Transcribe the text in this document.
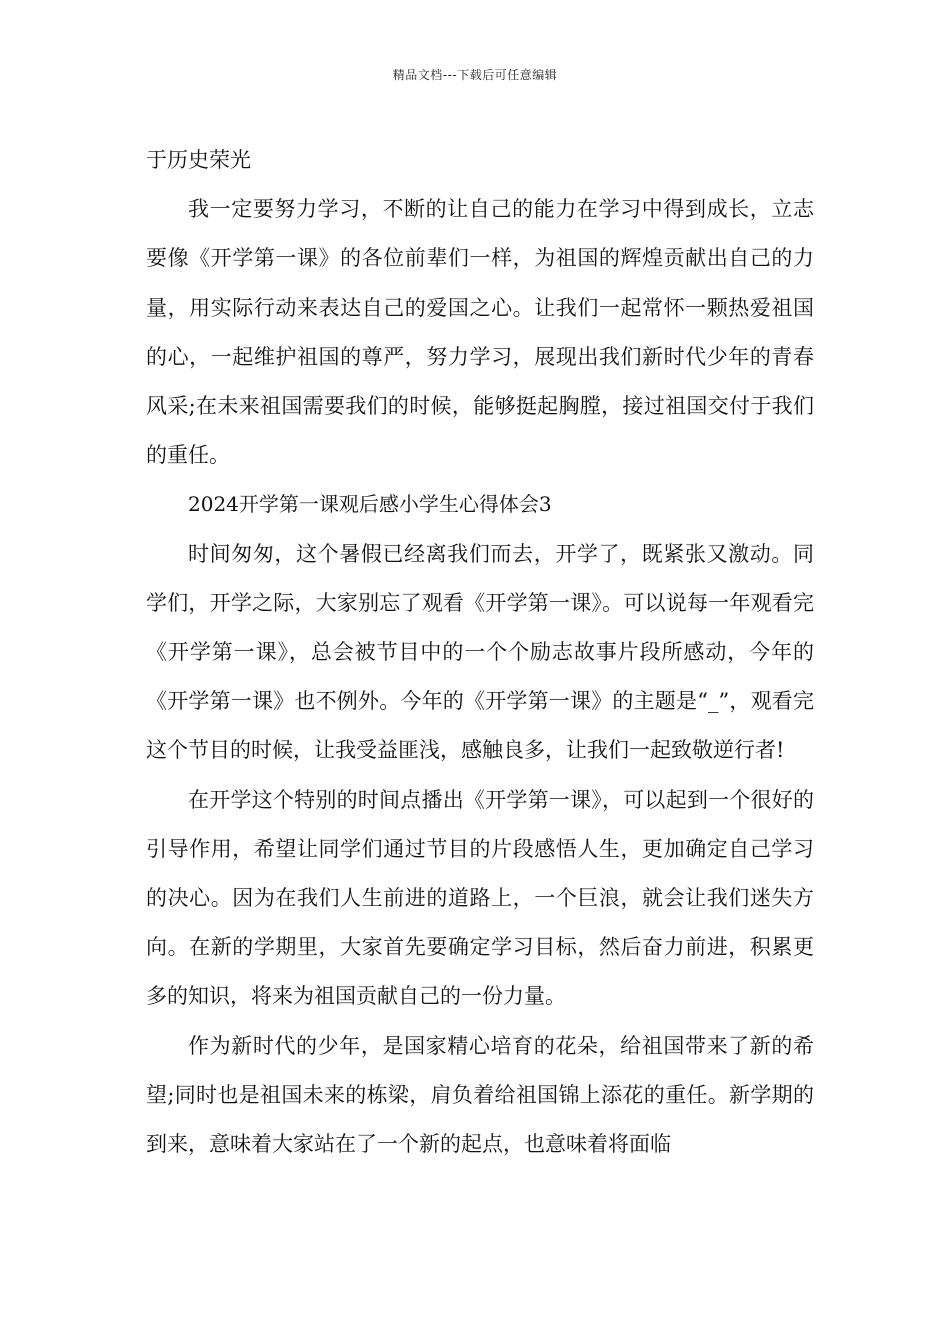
精品文档---下载后可任意编辑

于历史荣光

我一定要努力学习，不断的让自己的能力在学习中得到成长，立志要像《开学第一课》的各位前辈们一样，为祖国的辉煌贡献出自己的力量，用实际行动来表达自己的爱国之心。让我们一起常怀一颗热爱祖国的心，一起维护祖国的尊严，努力学习，展现出我们新时代少年的青春风采;在未来祖国需要我们的时候，能够挺起胸膛，接过祖国交付于我们的重任。

2024开学第一课观后感小学生心得体会3

时间匆匆，这个暑假已经离我们而去，开学了，既紧张又激动。同学们，开学之际，大家别忘了观看《开学第一课》。可以说每一年观看完《开学第一课》，总会被节目中的一个个励志故事片段所感动，今年的《开学第一课》也不例外。今年的《开学第一课》的主题是“_”，观看完这个节目的时候，让我受益匪浅，感触良多，让我们一起致敬逆行者!

在开学这个特别的时间点播出《开学第一课》，可以起到一个很好的引导作用，希望让同学们通过节目的片段感悟人生，更加确定自己学习的决心。因为在我们人生前进的道路上，一个巨浪，就会让我们迷失方向。在新的学期里，大家首先要确定学习目标，然后奋力前进，积累更多的知识，将来为祖国贡献自己的一份力量。

作为新时代的少年，是国家精心培育的花朵，给祖国带来了新的希望;同时也是祖国未来的栋梁，肩负着给祖国锦上添花的重任。新学期的到来，意味着大家站在了一个新的起点，也意味着将面临
